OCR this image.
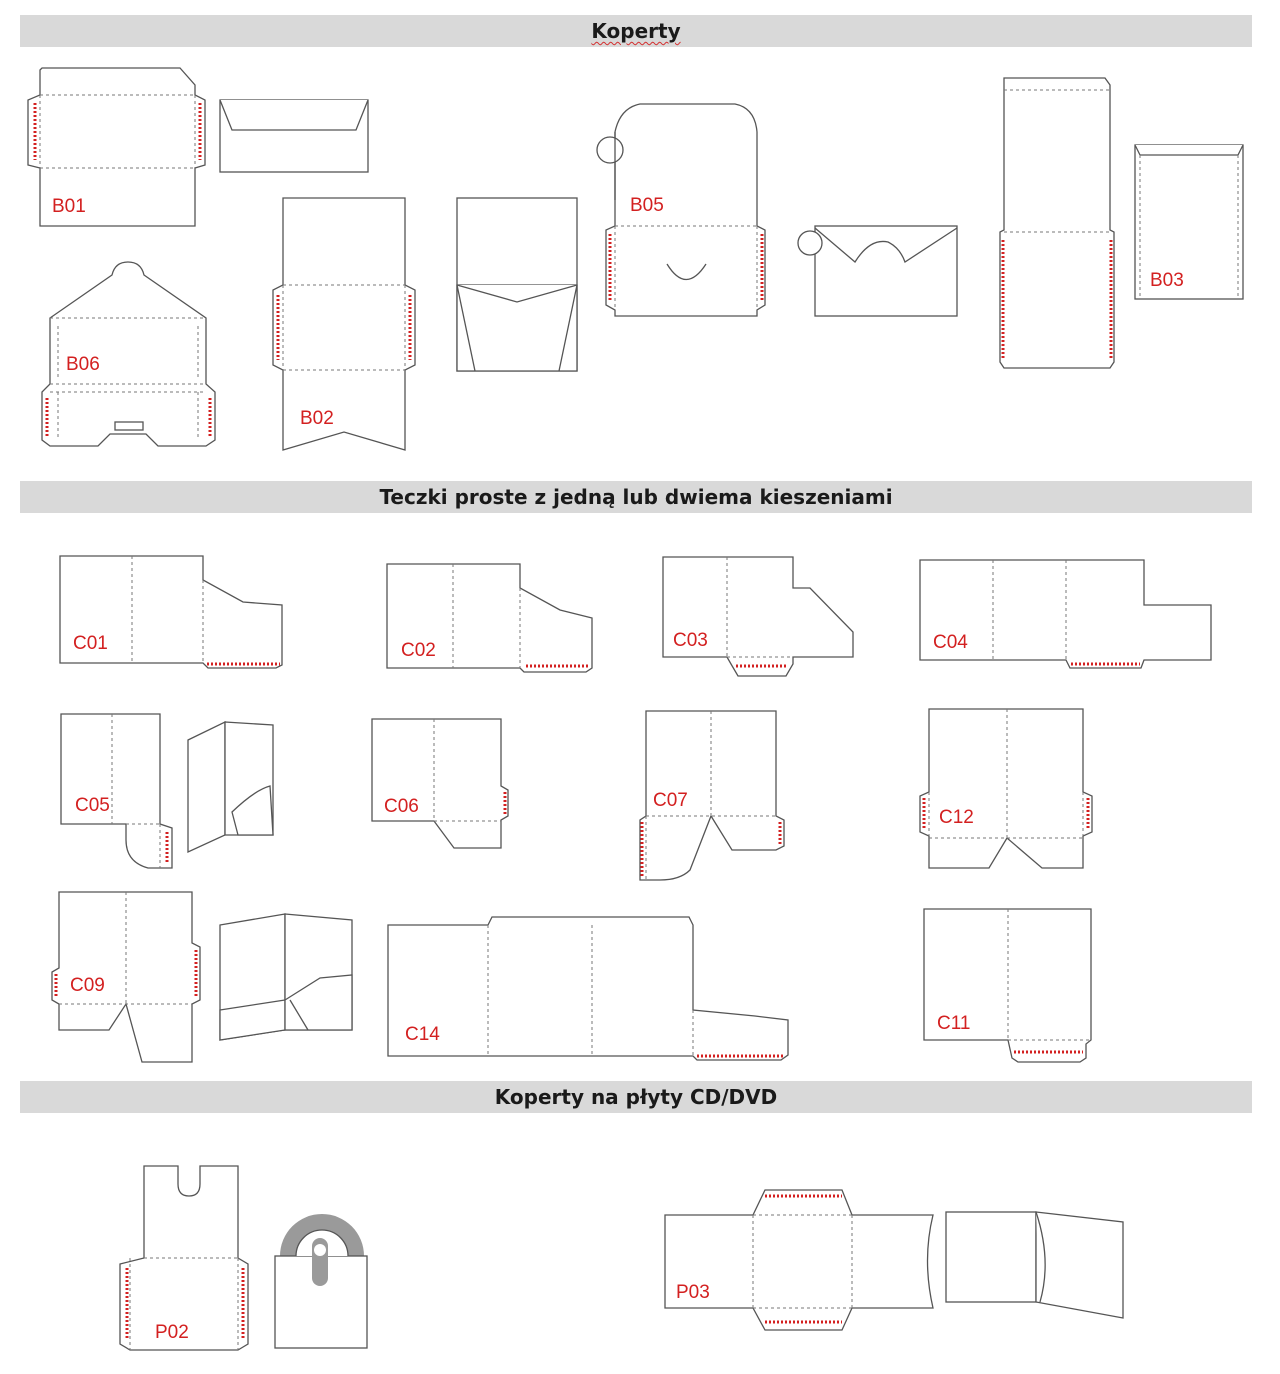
Koperty
Teczki proste z jedną lub dwiema kieszeniami
Koperty na płyty CD/DVD
B01	B05
B03
B06
B02
C01	C02	C03	C04
C05	C06	C07
C12
C09
C14
C11
P02
P03
